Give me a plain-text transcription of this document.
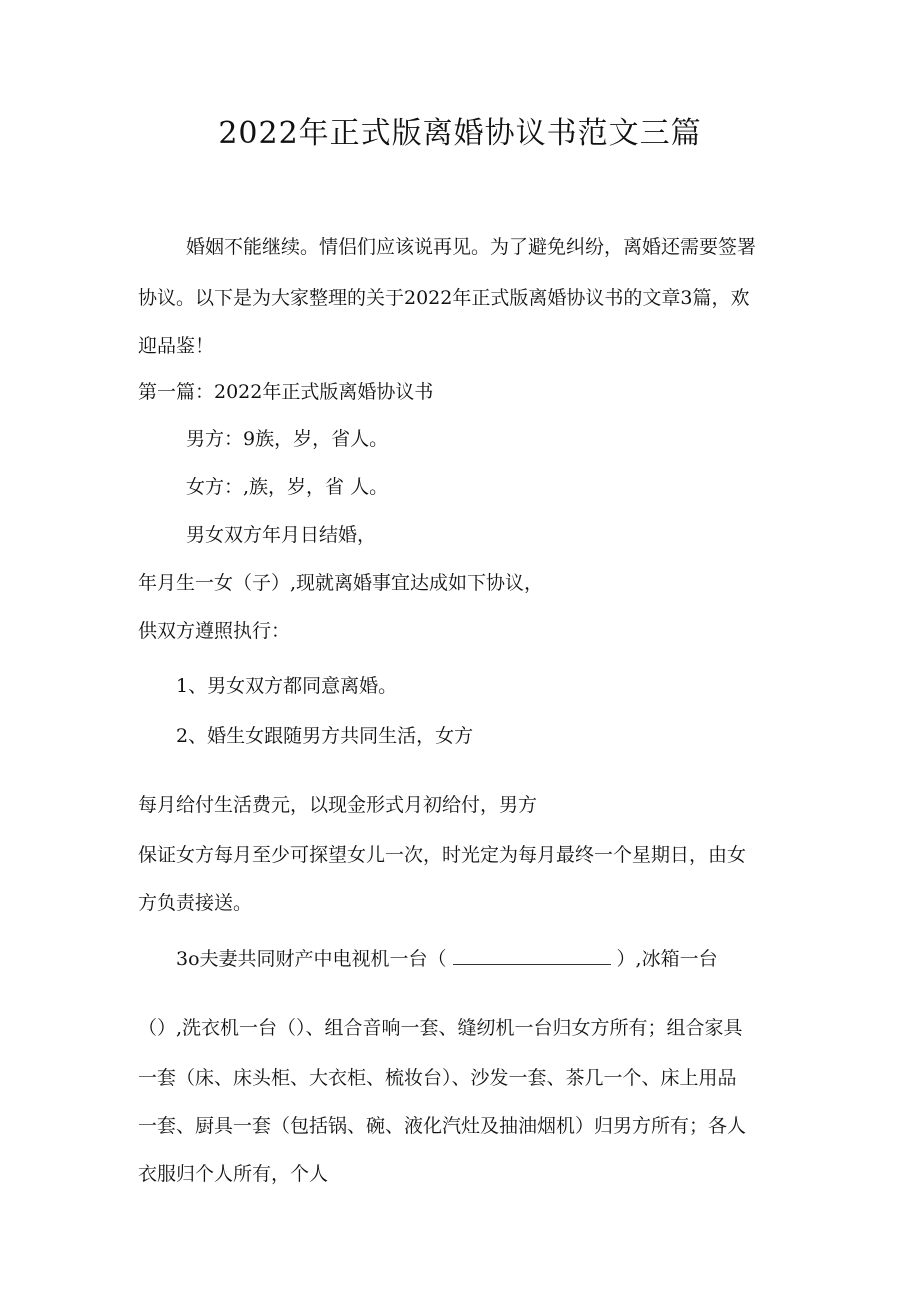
2022年正式版离婚协议书范文三篇
婚姻不能继续。情侣们应该说再见。为了避免纠纷，离婚还需要签署
协议。以下是为大家整理的关于2022年正式版离婚协议书的文章3篇，欢
迎品鉴！
第一篇：2022年正式版离婚协议书
男方：9族，岁，省人。
女方：,族，岁，省 人。
男女双方年月日结婚，
年月生一女（子）,现就离婚事宜达成如下协议，
供双方遵照执行：
1、男女双方都同意离婚。
2、婚生女跟随男方共同生活，女方
每月给付生活费元，以现金形式月初给付，男方
保证女方每月至少可探望女儿一次，时光定为每月最终一个星期日，由女
方负责接送。
3o夫妻共同财产中电视机一台（	）,冰箱一台
（）,洗衣机一台（）、组合音响一套、缝纫机一台归女方所有；组合家具
一套（床、床头柜、大衣柜、梳妆台）、沙发一套、茶几一个、床上用品
一套、厨具一套（包括锅、碗、液化汽灶及抽油烟机）归男方所有；各人
衣服归个人所有，个人
